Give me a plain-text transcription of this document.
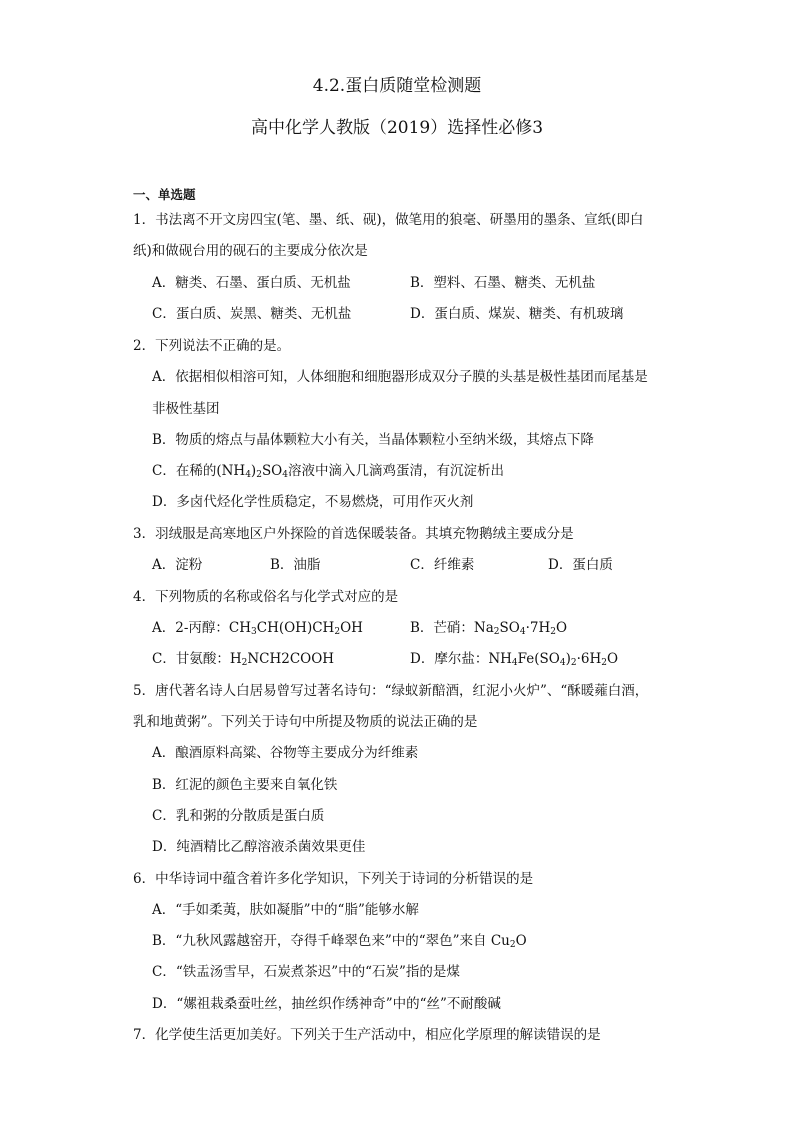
4.2.蛋白质随堂检测题
高中化学人教版（2019）选择性必修3
一、单选题
1．书法离不开文房四宝(笔、墨、纸、砚)，做笔用的狼毫、研墨用的墨条、宣纸(即白
纸)和做砚台用的砚石的主要成分依次是
A．糖类、石墨、蛋白质、无机盐	B．塑料、石墨、糖类、无机盐
C．蛋白质、炭黑、糖类、无机盐	D．蛋白质、煤炭、糖类、有机玻璃
2．下列说法不正确的是。
A．依据相似相溶可知，人体细胞和细胞器形成双分子膜的头基是极性基团而尾基是
非极性基团
B．物质的熔点与晶体颗粒大小有关，当晶体颗粒小至纳米级，其熔点下降
C．在稀的$(NH_4)_2SO_4$溶液中滴入几滴鸡蛋清，有沉淀析出
D．多卤代烃化学性质稳定，不易燃烧，可用作灭火剂
3．羽绒服是高寒地区户外探险的首选保暖装备。其填充物鹅绒主要成分是
A．淀粉	B．油脂	C．纤维素	D．蛋白质
4．下列物质的名称或俗名与化学式对应的是
A．2-丙醇：$CH_3CH(OH)CH_2OH$	B．芒硝：$Na_2SO_4\cdot 7H_2O$
C．甘氨酸：$H_2NCH2COOH$	D．摩尔盐：$NH_4Fe(SO_4)_2\cdot 6H_2O$
5．唐代著名诗人白居易曾写过著名诗句：“绿蚁新醅酒，红泥小火炉”、“酥暖蕹白酒，
乳和地黄粥”。下列关于诗句中所提及物质的说法正确的是
A．酿酒原料高粱、谷物等主要成分为纤维素
B．红泥的颜色主要来自氧化铁
C．乳和粥的分散质是蛋白质
D．纯酒精比乙醇溶液杀菌效果更佳
6．中华诗词中蕴含着许多化学知识，下列关于诗词的分析错误的是
A．“手如柔荑，肤如凝脂”中的“脂”能够水解
B．“九秋风露越窑开，夺得千峰翠色来”中的“翠色”来自 $Cu_2O$
C．“铁盂汤雪早，石炭煮茶迟”中的“石炭”指的是煤
D．“嫘祖栽桑蚕吐丝，抽丝织作绣神奇”中的“丝”不耐酸碱
7．化学使生活更加美好。下列关于生产活动中，相应化学原理的解读错误的是
